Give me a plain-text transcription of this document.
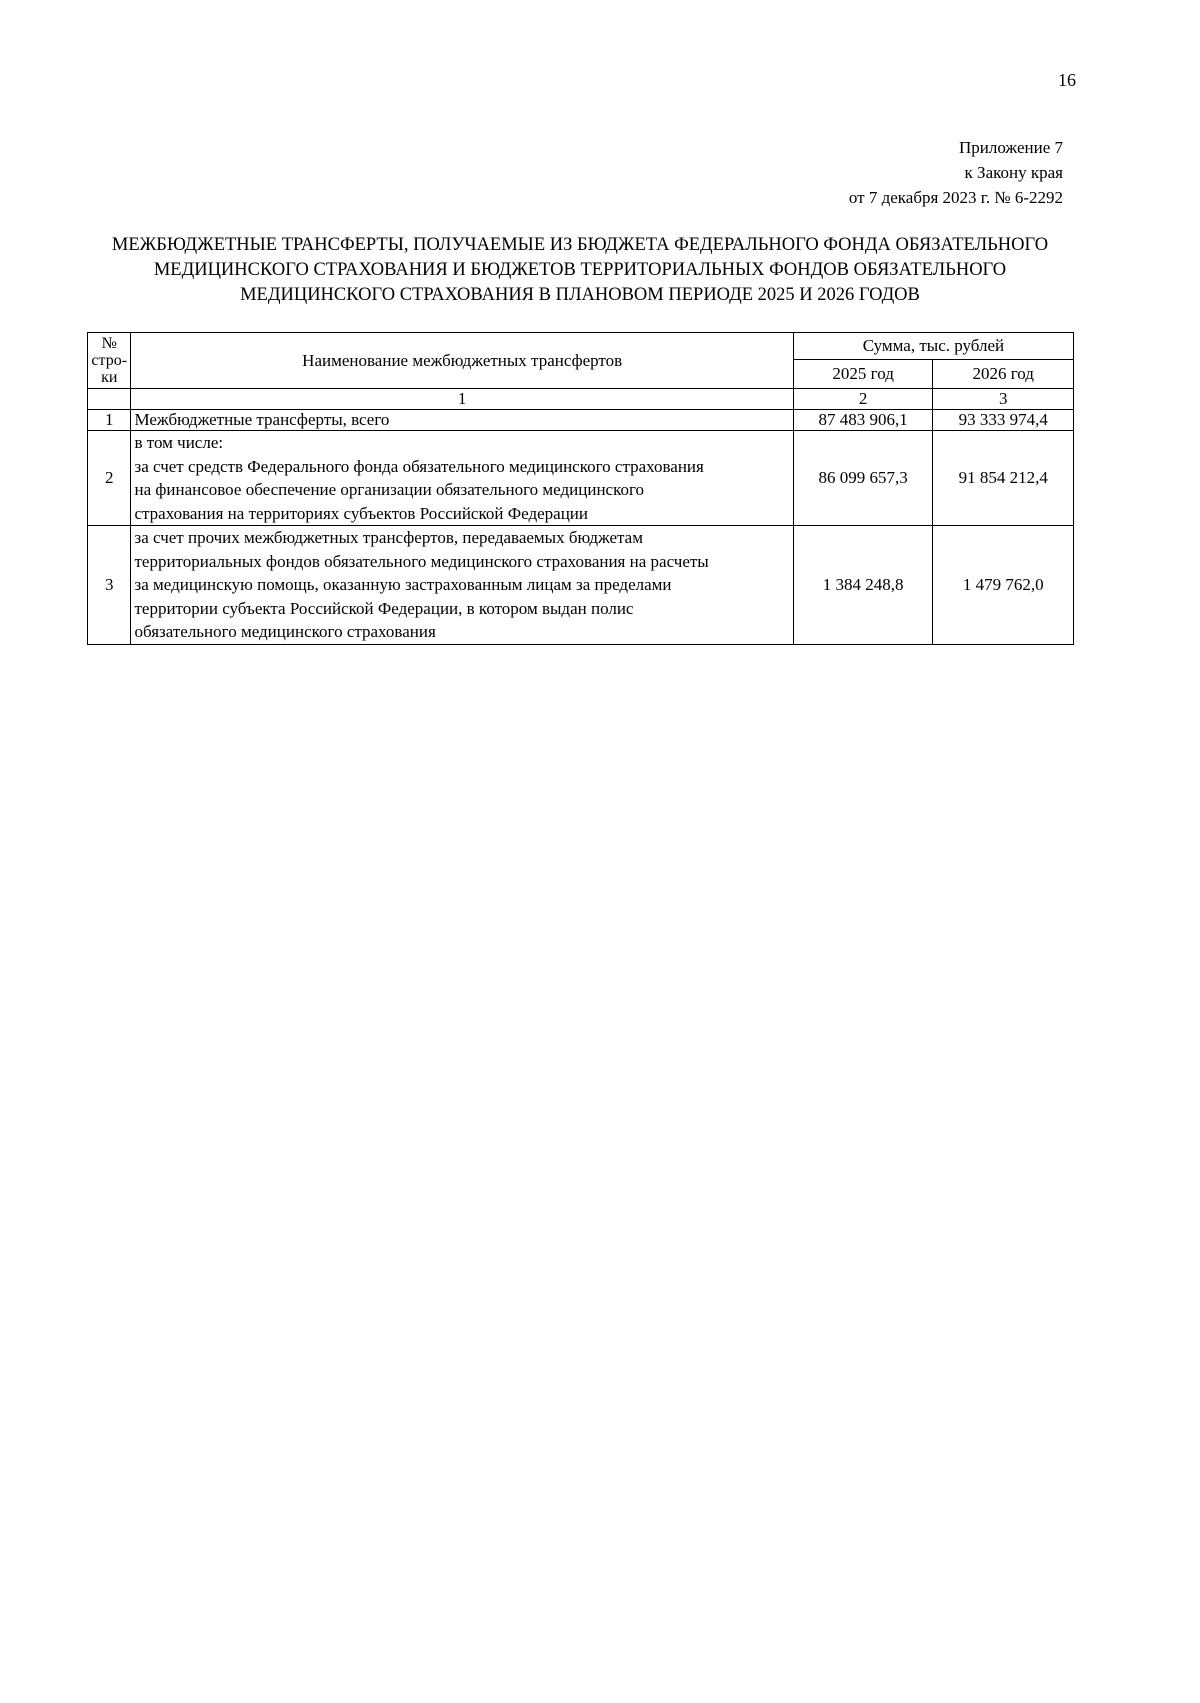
16
Приложение 7
к Закону края
от 7 декабря 2023 г. № 6-2292
МЕЖБЮДЖЕТНЫЕ ТРАНСФЕРТЫ, ПОЛУЧАЕМЫЕ ИЗ БЮДЖЕТА ФЕДЕРАЛЬНОГО ФОНДА ОБЯЗАТЕЛЬНОГО
МЕДИЦИНСКОГО СТРАХОВАНИЯ И БЮДЖЕТОВ ТЕРРИТОРИАЛЬНЫХ ФОНДОВ ОБЯЗАТЕЛЬНОГО
МЕДИЦИНСКОГО СТРАХОВАНИЯ В ПЛАНОВОМ ПЕРИОДЕ 2025 И 2026 ГОДОВ
№
стро-
ки	Наименование межбюджетных трансфертов	Сумма, тыс. рублей	
		2025 год	2026 год
	1	2	3
1	Межбюджетные трансферты, всего	87 483 906,1	93 333 974,4
2	в том числе:
за счет средств Федерального фонда обязательного медицинского страхования
на финансовое обеспечение организации обязательного медицинского
страхования на территориях субъектов Российской Федерации	86 099 657,3	91 854 212,4
3	за счет прочих межбюджетных трансфертов, передаваемых бюджетам
территориальных фондов обязательного медицинского страхования на расчеты
за медицинскую помощь, оказанную застрахованным лицам за пределами
территории субъекта Российской Федерации, в котором выдан полис
обязательного медицинского страхования	1 384 248,8	1 479 762,0
